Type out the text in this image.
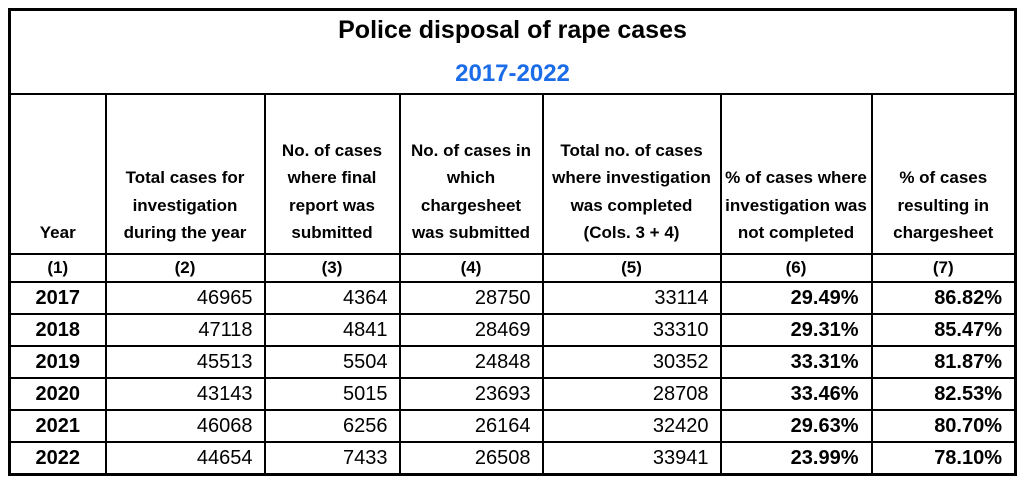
Police disposal of rape cases
2017-2022						

Year	Total cases for investigation during the year	No. of cases where final report was submitted	No. of cases in which chargesheet was submitted	Total no. of cases where investigation was completed (Cols. 3 + 4)	% of cases where investigation was not completed	% of cases resulting in chargesheet
(1)	(2)	(3)	(4)	(5)	(6)	(7)
2017	46965	4364	28750	33114	29.49%	86.82%
2018	47118	4841	28469	33310	29.31%	85.47%
2019	45513	5504	24848	30352	33.31%	81.87%
2020	43143	5015	23693	28708	33.46%	82.53%
2021	46068	6256	26164	32420	29.63%	80.70%
2022	44654	7433	26508	33941	23.99%	78.10%
